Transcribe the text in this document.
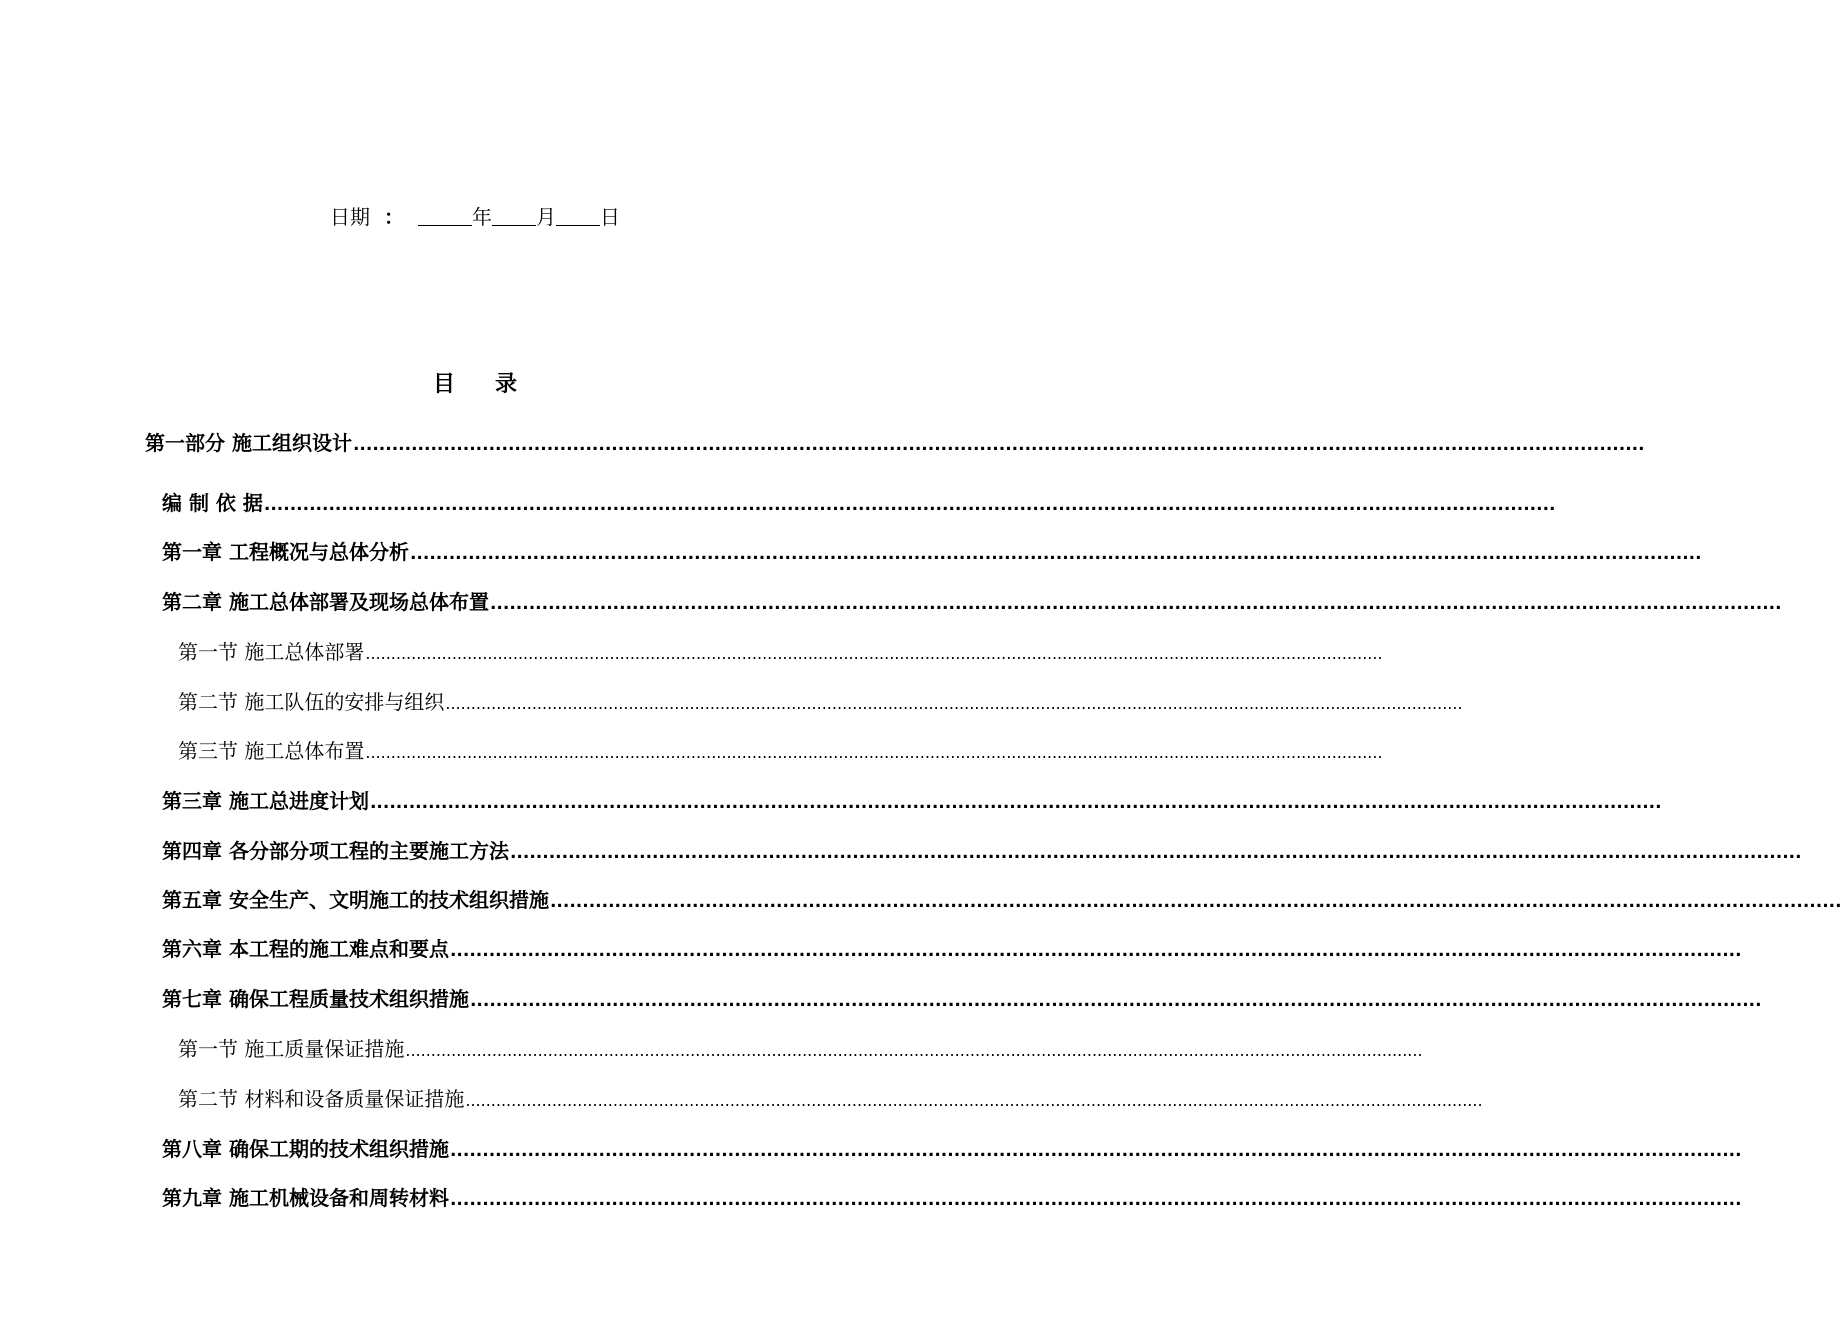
日期 ：	年 月 日
目录
第一部分 施工组织设计 ........................................................................................................................................................................................................
编 制 依 据 ........................................................................................................................................................................................................
第一章 工程概况与总体分析 ........................................................................................................................................................................................................
第二章 施工总体部署及现场总体布置 ........................................................................................................................................................................................................
第一节 施工总体部署 ........................................................................................................................................................................................................
第二节 施工队伍的安排与组织 ........................................................................................................................................................................................................
第三节 施工总体布置 ........................................................................................................................................................................................................
第三章 施工总进度计划 ........................................................................................................................................................................................................
第四章 各分部分项工程的主要施工方法 ........................................................................................................................................................................................................
第五章 安全生产、文明施工的技术组织措施 ........................................................................................................................................................................................................
第六章 本工程的施工难点和要点 ........................................................................................................................................................................................................
第七章 确保工程质量技术组织措施 ........................................................................................................................................................................................................
第一节 施工质量保证措施 ........................................................................................................................................................................................................
第二节 材料和设备质量保证措施 ........................................................................................................................................................................................................
第八章 确保工期的技术组织措施 ........................................................................................................................................................................................................
第九章 施工机械设备和周转材料 ........................................................................................................................................................................................................
